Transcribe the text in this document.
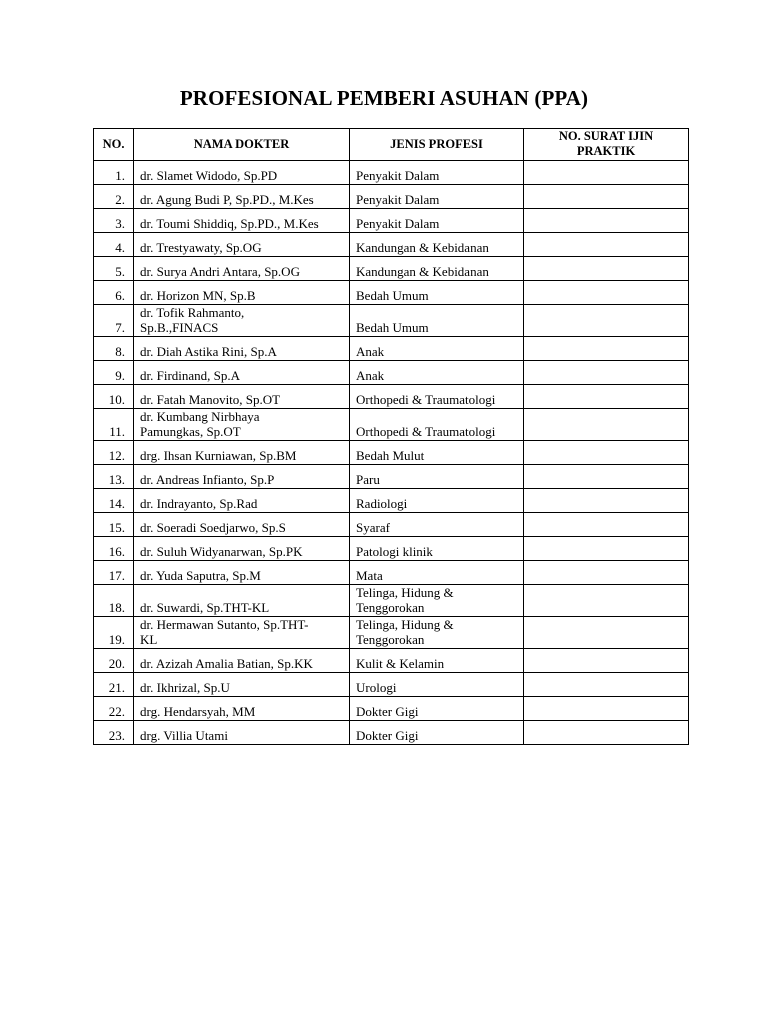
PROFESIONAL PEMBERI ASUHAN (PPA)
NO.	NAMA DOKTER	JENIS PROFESI	NO. SURAT IJIN
PRAKTIK

1.	dr. Slamet Widodo, Sp.PD	Penyakit Dalam	
2.	dr. Agung Budi P, Sp.PD., M.Kes	Penyakit Dalam	
3.	dr. Toumi Shiddiq, Sp.PD., M.Kes	Penyakit Dalam	
4.	dr. Trestyawaty, Sp.OG	Kandungan & Kebidanan	
5.	dr. Surya Andri Antara, Sp.OG	Kandungan & Kebidanan	
6.	dr. Horizon MN, Sp.B	Bedah Umum	
7.	dr. Tofik Rahmanto,
Sp.B.,FINACS	Bedah Umum	
8.	dr. Diah Astika Rini, Sp.A	Anak	
9.	dr. Firdinand, Sp.A	Anak	
10.	dr. Fatah Manovito, Sp.OT	Orthopedi & Traumatologi	
11.	dr. Kumbang Nirbhaya
Pamungkas, Sp.OT	Orthopedi & Traumatologi	
12.	drg. Ihsan Kurniawan, Sp.BM	Bedah Mulut	
13.	dr. Andreas Infianto, Sp.P	Paru	
14.	dr. Indrayanto, Sp.Rad	Radiologi	
15.	dr. Soeradi Soedjarwo, Sp.S	Syaraf	
16.	dr. Suluh Widyanarwan, Sp.PK	Patologi klinik	
17.	dr. Yuda Saputra, Sp.M	Mata	
18.	dr. Suwardi, Sp.THT-KL	Telinga, Hidung &
Tenggorokan	
19.	dr. Hermawan Sutanto, Sp.THT-
KL	Telinga, Hidung &
Tenggorokan	
20.	dr. Azizah Amalia Batian, Sp.KK	Kulit & Kelamin	
21.	dr. Ikhrizal, Sp.U	Urologi	
22.	drg. Hendarsyah, MM	Dokter Gigi	
23.	drg. Villia Utami	Dokter Gigi	
